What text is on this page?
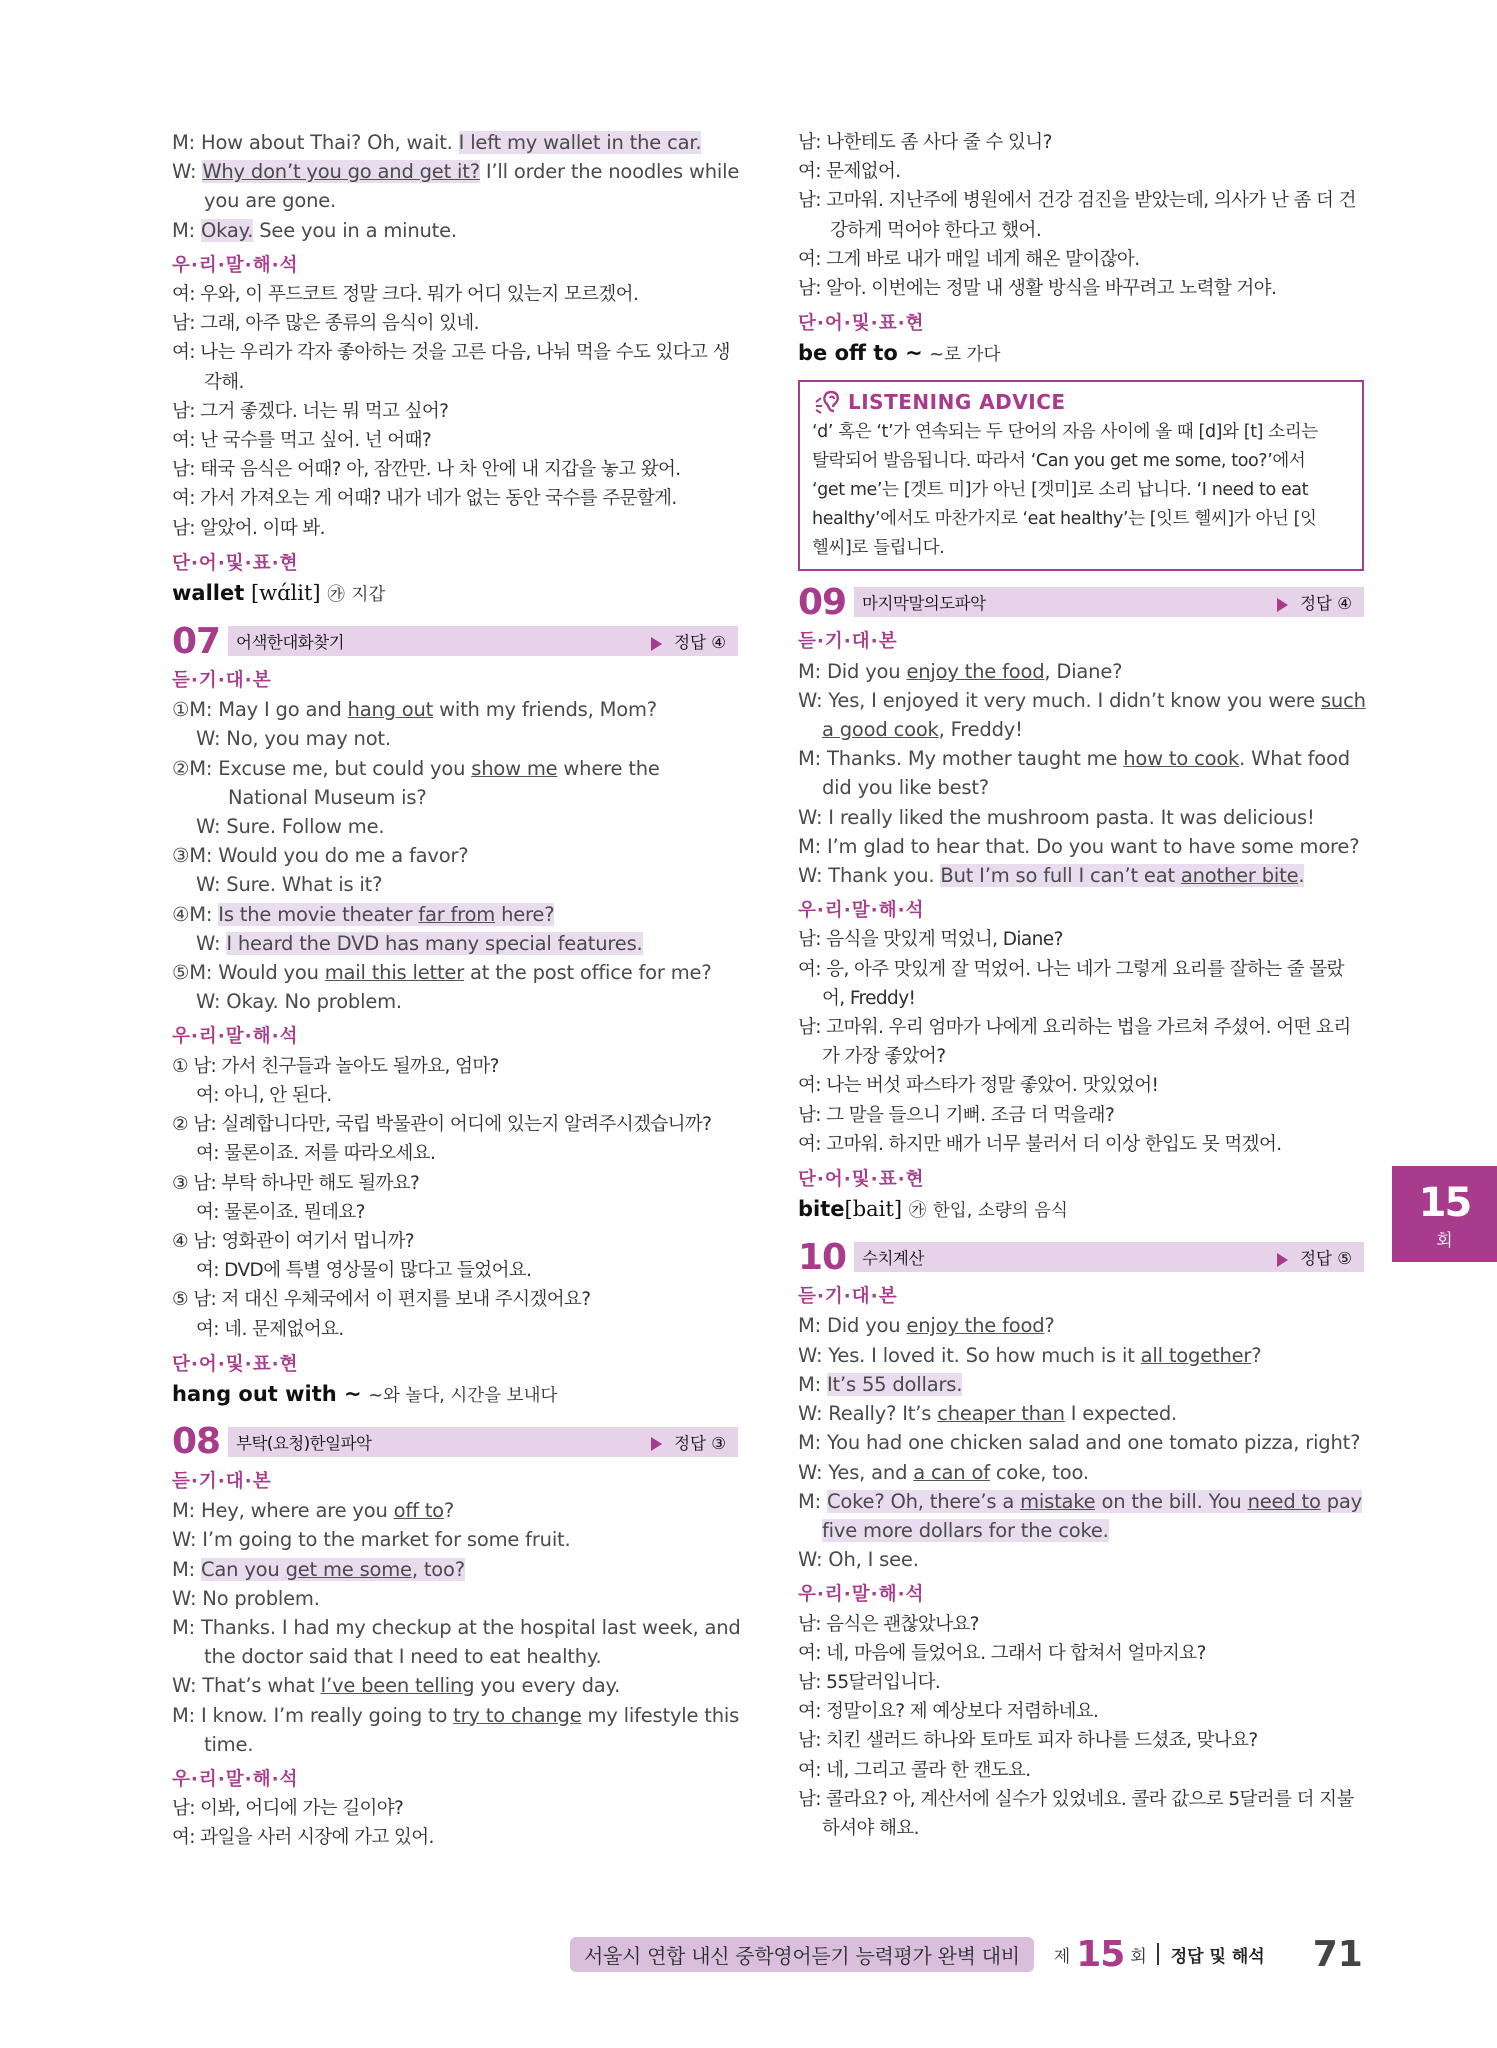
M: How about Thai? Oh, wait. I left my wallet in the car.
W: Why don’t you go and get it? I’ll order the noodles while
you are gone.
M: Okay. See you in a minute.
우·리·말·해·석
여: 우와, 이 푸드코트 정말 크다. 뭐가 어디 있는지 모르겠어.
남: 그래, 아주 많은 종류의 음식이 있네.
여: 나는 우리가 각자 좋아하는 것을 고른 다음, 나눠 먹을 수도 있다고 생
각해.
남: 그거 좋겠다. 너는 뭐 먹고 싶어?
여: 난 국수를 먹고 싶어. 넌 어때?
남: 태국 음식은 어때? 아, 잠깐만. 나 차 안에 내 지갑을 놓고 왔어.
여: 가서 가져오는 게 어때? 내가 네가 없는 동안 국수를 주문할게.
남: 알았어. 이따 봐.
단·어·및·표·현
wallet [wɑ́lit] ㉮ 지갑
07 어색한대화찾기	정답 ④
듣·기·대·본
①M: May I go and hang out with my friends, Mom?
W: No, you may not.
②M: Excuse me, but could you show me where the
National Museum is?
W: Sure. Follow me.
③M: Would you do me a favor?
W: Sure. What is it?
④M: Is the movie theater far from here?
W: I heard the DVD has many special features.
⑤M: Would you mail this letter at the post office for me?
W: Okay. No problem.
우·리·말·해·석
① 남: 가서 친구들과 놀아도 될까요, 엄마?
여: 아니, 안 된다.
② 남: 실례합니다만, 국립 박물관이 어디에 있는지 알려주시겠습니까?
여: 물론이죠. 저를 따라오세요.
③ 남: 부탁 하나만 해도 될까요?
여: 물론이죠. 뭔데요?
④ 남: 영화관이 여기서 멉니까?
여: DVD에 특별 영상물이 많다고 들었어요.
⑤ 남: 저 대신 우체국에서 이 편지를 보내 주시겠어요?
여: 네. 문제없어요.
단·어·및·표·현
hang out with ~ ~와 놀다, 시간을 보내다
08 부탁(요청)한일파악	정답 ③
듣·기·대·본
M: Hey, where are you off to?
W: I’m going to the market for some fruit.
M: Can you get me some, too?
W: No problem.
M: Thanks. I had my checkup at the hospital last week, and
the doctor said that I need to eat healthy.
W: That’s what I’ve been telling you every day.
M: I know. I’m really going to try to change my lifestyle this
time.
우·리·말·해·석
남: 이봐, 어디에 가는 길이야?
여: 과일을 사러 시장에 가고 있어.
남: 나한테도 좀 사다 줄 수 있니?
여: 문제없어.
남: 고마워. 지난주에 병원에서 건강 검진을 받았는데, 의사가 난 좀 더 건
강하게 먹어야 한다고 했어.
여: 그게 바로 내가 매일 네게 해온 말이잖아.
남: 알아. 이번에는 정말 내 생활 방식을 바꾸려고 노력할 거야.
단·어·및·표·현
be off to ~ ~로 가다
LISTENING ADVICE
‘d’ 혹은 ‘t’가 연속되는 두 단어의 자음 사이에 올 때 [d]와 [t] 소리는
탈락되어 발음됩니다. 따라서 ‘Can you get me some, too?’에서
‘get me’는 [겟트 미]가 아닌 [겟미]로 소리 납니다. ‘I need to eat
healthy’에서도 마찬가지로 ‘eat healthy’는 [잇트 헬씨]가 아닌 [잇
헬씨]로 들립니다.
09 마지막말의도파악	정답 ④
듣·기·대·본
M: Did you enjoy the food, Diane?
W: Yes, I enjoyed it very much. I didn’t know you were such
a good cook, Freddy!
M: Thanks. My mother taught me how to cook. What food
did you like best?
W: I really liked the mushroom pasta. It was delicious!
M: I’m glad to hear that. Do you want to have some more?
W: Thank you. But I’m so full I can’t eat another bite.
우·리·말·해·석
남: 음식을 맛있게 먹었니, Diane?
여: 응, 아주 맛있게 잘 먹었어. 나는 네가 그렇게 요리를 잘하는 줄 몰랐
어, Freddy!
남: 고마워. 우리 엄마가 나에게 요리하는 법을 가르쳐 주셨어. 어떤 요리
가 가장 좋았어?
여: 나는 버섯 파스타가 정말 좋았어. 맛있었어!
남: 그 말을 들으니 기뻐. 조금 더 먹을래?
여: 고마워. 하지만 배가 너무 불러서 더 이상 한입도 못 먹겠어.
단·어·및·표·현
bite[bait] ㉮ 한입, 소량의 음식
10 수치계산	정답 ⑤
듣·기·대·본
M: Did you enjoy the food?
W: Yes. I loved it. So how much is it all together?
M: It’s 55 dollars.
W: Really? It’s cheaper than I expected.
M: You had one chicken salad and one tomato pizza, right?
W: Yes, and a can of coke, too.
M: Coke? Oh, there’s a mistake on the bill. You need to pay
five more dollars for the coke.
W: Oh, I see.
우·리·말·해·석
남: 음식은 괜찮았나요?
여: 네, 마음에 들었어요. 그래서 다 합쳐서 얼마지요?
남: 55달러입니다.
여: 정말이요? 제 예상보다 저렴하네요.
남: 치킨 샐러드 하나와 토마토 피자 하나를 드셨죠, 맞나요?
여: 네, 그리고 콜라 한 캔도요.
남: 콜라요? 아, 계산서에 실수가 있었네요. 콜라 값으로 5달러를 더 지불
하셔야 해요.
15
회
서울시 연합 내신 중학영어듣기 능력평가 완벽 대비	제 15 회 정답 및 해석 71
